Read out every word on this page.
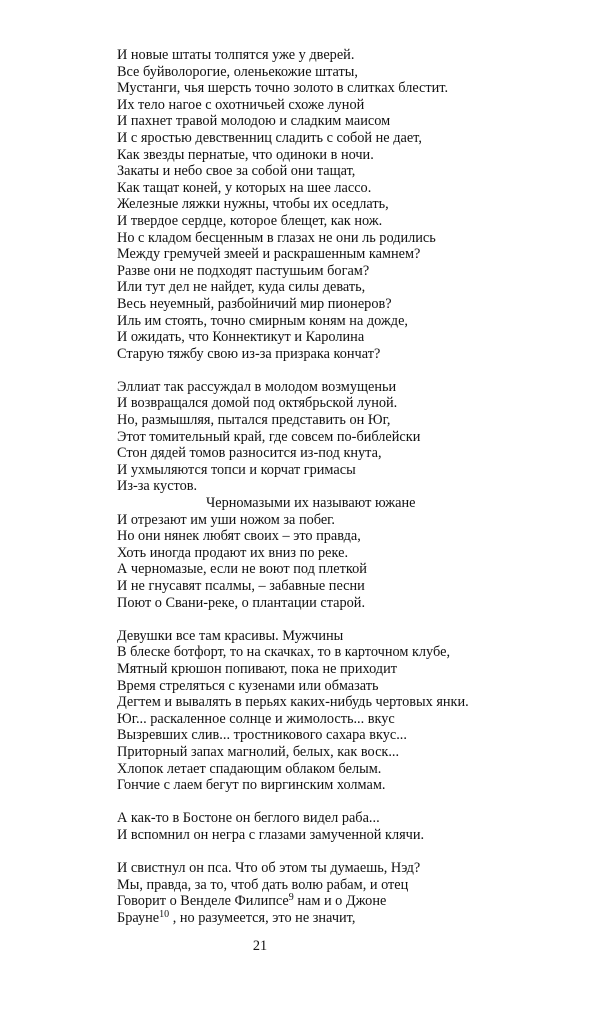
И новые штаты толпятся уже у дверей.
Все буйволорогие, оленьекожие штаты,
Мустанги, чья шерсть точно золото в слитках блестит.
Их тело нагое с охотничьей схоже луной
И пахнет травой молодою и сладким маисом
И с яростью девственниц сладить с собой не дает,
Как звезды пернатые, что одиноки в ночи.
Закаты и небо свое за собой они тащат,
Как тащат коней, у которых на шее лассо.
Железные ляжки нужны, чтобы их оседлать,
И твердое сердце, которое блещет, как нож.
Но с кладом бесценным в глазах не они ль родились
Между гремучей змеей и раскрашенным камнем?
Разве они не подходят пастушьим богам?
Или тут дел не найдет, куда силы девать,
Весь неуемный, разбойничий мир пионеров?
Иль им стоять, точно смирным коням на дожде,
И ожидать, что Коннектикут и Каролина
Старую тяжбу свою из-за призрака кончат?
Эллиат так рассуждал в молодом возмущеньи
И возвращался домой под октябрьской луной.
Но, размышляя, пытался представить он Юг,
Этот томительный край, где совсем по-библейски
Стон дядей томов разносится из-под кнута,
И ухмыляются топси и корчат гримасы
Из-за кустов.
Черномазыми их называют южане
И отрезают им уши ножом за побег.
Но они нянек любят своих – это правда,
Хоть иногда продают их вниз по реке.
А черномазые, если не воют под плеткой
И не гнусавят псалмы, – забавные песни
Поют о Свани-реке, о плантации старой.
Девушки все там красивы. Мужчины
В блеске ботфорт, то на скачках, то в карточном клубе,
Мятный крюшон попивают, пока не приходит
Время стреляться с кузенами или обмазать
Дегтем и вывалять в перьях каких-нибудь чертовых янки.
Юг... раскаленное солнце и жимолость... вкус
Вызревших слив... тростникового сахара вкус...
Приторный запах магнолий, белых, как воск...
Хлопок летает спадающим облаком белым.
Гончие с лаем бегут по виргинским холмам.
А как-то в Бостоне он беглого видел раба...
И вспомнил он негра с глазами замученной клячи.
И свистнул он пса. Что об этом ты думаешь, Нэд?
Мы, правда, за то, чтоб дать волю рабам, и отец
Говорит о Венделе Филипсе$^9$ нам и о Джоне
Брауне$^{10}$ , но разумеется, это не значит,
21
